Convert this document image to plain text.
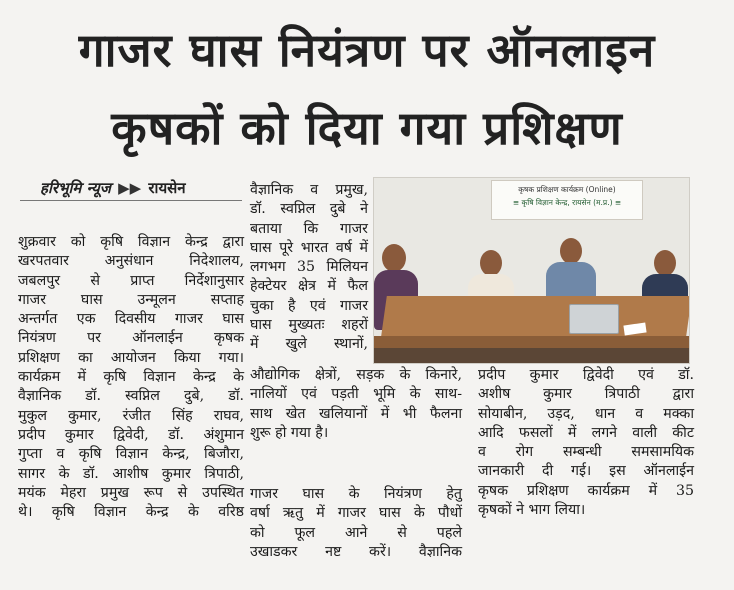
गाजर घास नियंत्रण पर ऑनलाइन
कृषकों को दिया गया प्रशिक्षण
हरिभूमि न्यूज ▶▶ रायसेन
शुक्रवार को कृषि विज्ञान केन्द्र द्वारा
खरपतवार अनुसंधान निदेशालय,
जबलपुर से प्राप्त निर्देशानुसार
गाजर घास उन्मूलन सप्ताह
अन्तर्गत एक दिवसीय गाजर घास
नियंत्रण पर ऑनलाईन कृषक
प्रशिक्षण का आयोजन किया गया।
कार्यक्रम में कृषि विज्ञान केन्द्र के
वैज्ञानिक डॉ. स्वप्निल दुबे, डॉ.
मुकुल कुमार, रंजीत सिंह राघव,
प्रदीप कुमार द्विवेदी, डॉ. अंशुमान
गुप्ता व कृषि विज्ञान केन्द्र, बिजौरा,
सागर के डॉ. आशीष कुमार त्रिपाठी,
मयंक मेहरा प्रमुख रूप से उपस्थित
थे। कृषि विज्ञान केन्द्र के वरिष्ठ
वैज्ञानिक व प्रमुख,
डॉ. स्वप्निल दुबे ने
बताया कि गाजर
घास पूरे भारत वर्ष में
लगभग 35 मिलियन
हेक्टेयर क्षेत्र में फैल
चुका है एवं गाजर
घास मुख्यतः शहरों
में खुले स्थानों,
औद्योगिक क्षेत्रों, सड़क के किनारे,
नालियों एवं पड़ती भूमि के साथ-
साथ खेत खलियानों में भी फैलना
शुरू हो गया है।
गाजर घास के नियंत्रण हेतु
वर्षा ऋतु में गाजर घास के पौधों
को फूल आने से पहले
उखाडकर नष्ट करें। वैज्ञानिक
प्रदीप कुमार द्विवेदी एवं डॉ.
अशीष कुमार त्रिपाठी द्वारा
सोयाबीन, उड़द, धान व मक्का
आदि फसलों में लगने वाली कीट
व रोग सम्बन्धी समसामयिक
जानकारी दी गई। इस ऑनलाईन
कृषक प्रशिक्षण कार्यक्रम में 35
कृषकों ने भाग लिया।
कृषक प्रशिक्षण कार्यक्रम (Online)
≡ कृषि विज्ञान केन्द्र, रायसेन (म.प्र.) ≡
